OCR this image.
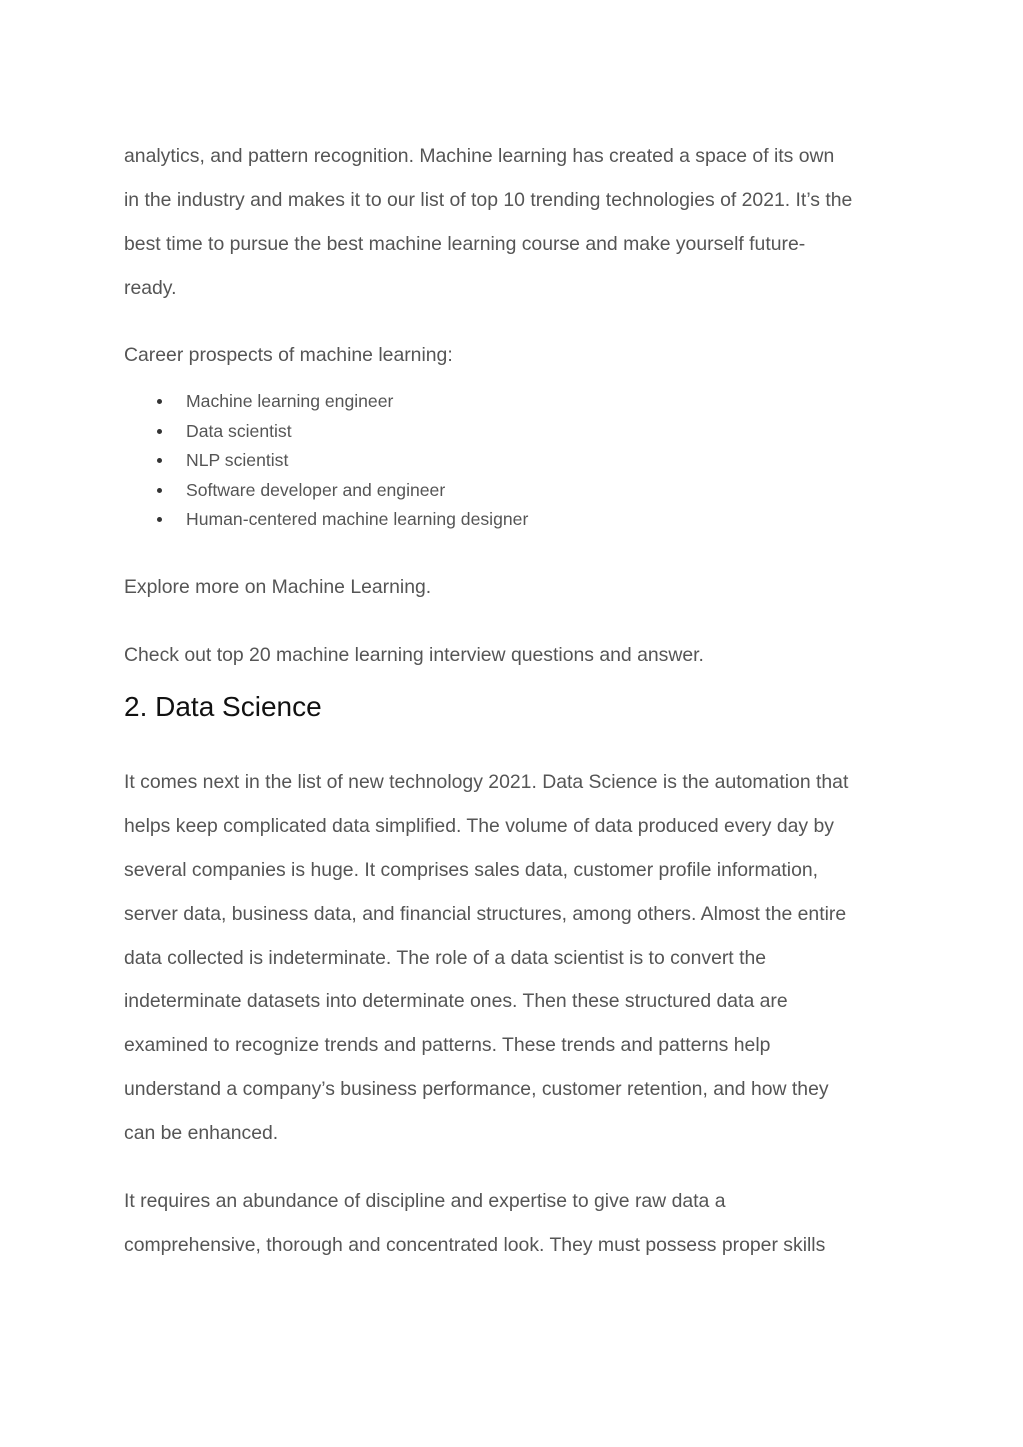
analytics, and pattern recognition. Machine learning has created a space of its own
in the industry and makes it to our list of top 10 trending technologies of 2021. It’s the
best time to pursue the best machine learning course and make yourself future-
ready.
Career prospects of machine learning:
Machine learning engineer
Data scientist
NLP scientist
Software developer and engineer
Human-centered machine learning designer
Explore more on Machine Learning.
Check out top 20 machine learning interview questions and answer.
2. Data Science
It comes next in the list of new technology 2021. Data Science is the automation that
helps keep complicated data simplified. The volume of data produced every day by
several companies is huge. It comprises sales data, customer profile information,
server data, business data, and financial structures, among others. Almost the entire
data collected is indeterminate. The role of a data scientist is to convert the
indeterminate datasets into determinate ones. Then these structured data are
examined to recognize trends and patterns. These trends and patterns help
understand a company’s business performance, customer retention, and how they
can be enhanced.
It requires an abundance of discipline and expertise to give raw data a
comprehensive, thorough and concentrated look. They must possess proper skills
